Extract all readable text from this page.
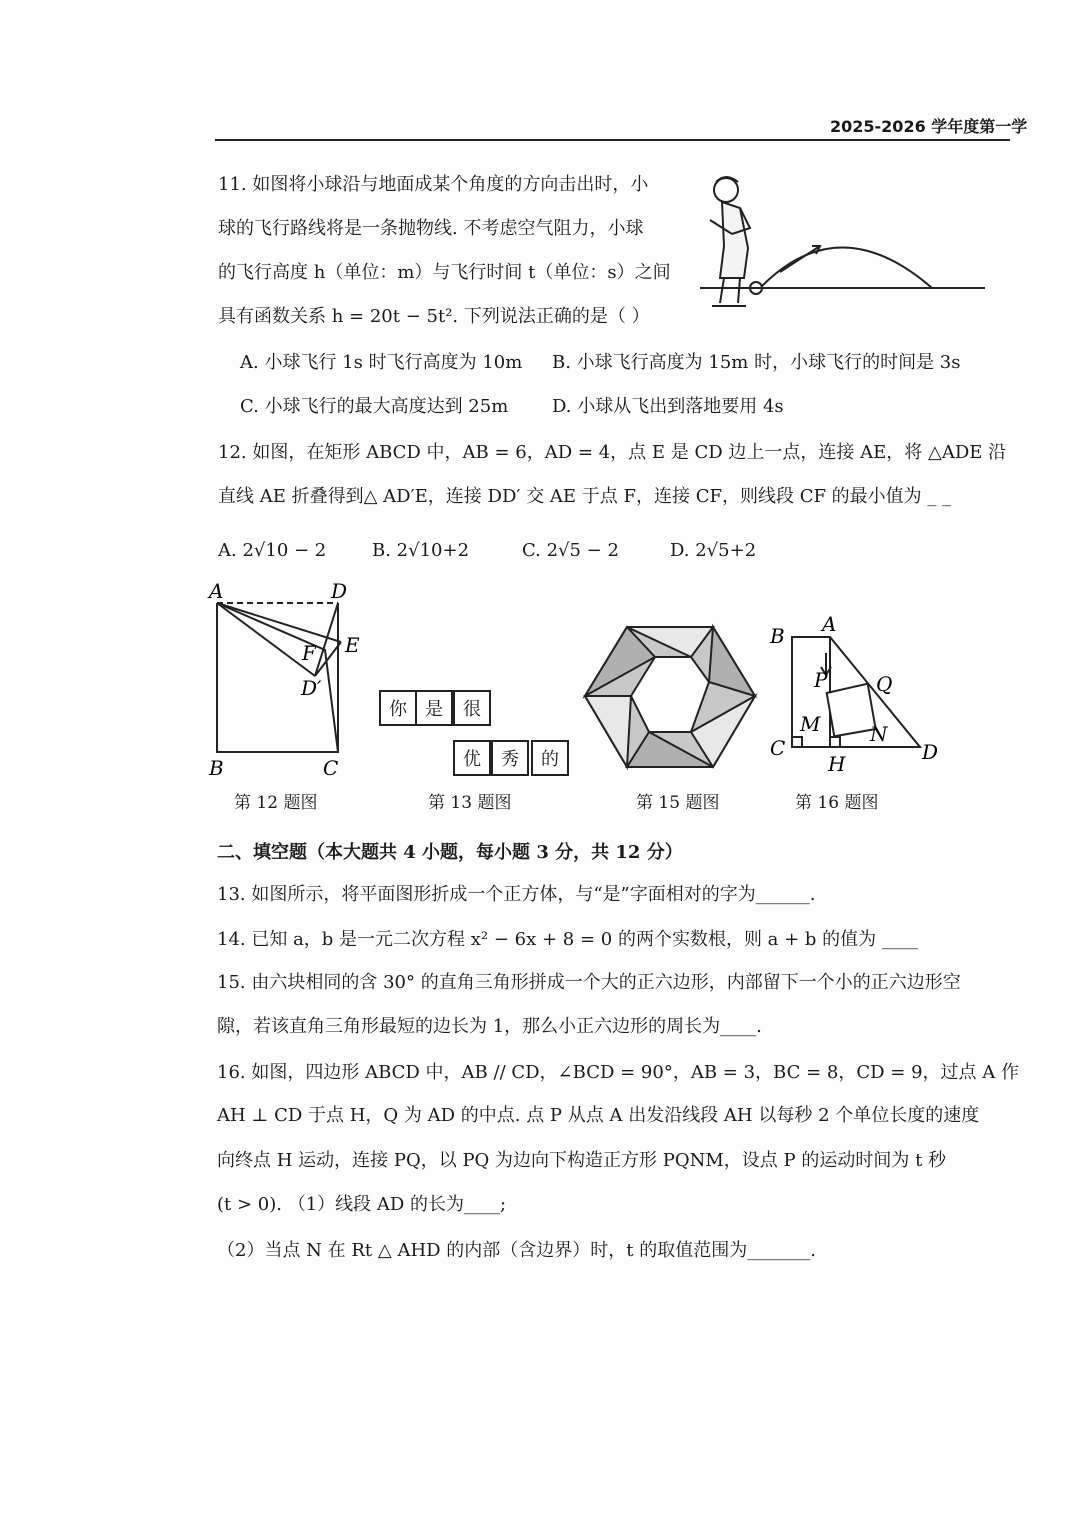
2025-2026 学年度第一学
11. 如图将小球沿与地面成某个角度的方向击出时，小
球的飞行路线将是一条抛物线. 不考虑空气阻力，小球
的飞行高度 h（单位：m）与飞行时间 t（单位：s）之间
具有函数关系 h = 20t − 5t². 下列说法正确的是（ ）
A. 小球飞行 1s 时飞行高度为 10m B. 小球飞行高度为 15m 时，小球飞行的时间是 3s
C. 小球飞行的最大高度达到 25m D. 小球从飞出到落地要用 4s
12. 如图，在矩形 ABCD 中，AB = 6，AD = 4，点 E 是 CD 边上一点，连接 AE，将 △ADE 沿
直线 AE 折叠得到△ AD′E，连接 DD′ 交 AE 于点 F，连接 CF，则线段 CF 的最小值为 _ _
A. 2√10 − 2	B. 2√10+2	C. 2√5 − 2	D. 2√5+2
A	D
E
F
D′
B	C
你	是	很
优	秀	的
B A
P Q
M N
C
H	D
第 12 题图	第 13 题图	第 15 题图	第 16 题图
二、填空题（本大题共 4 小题，每小题 3 分，共 12 分）
13. 如图所示，将平面图形折成一个正方体，与“是”字面相对的字为______.
14. 已知 a，b 是一元二次方程 x² − 6x + 8 = 0 的两个实数根，则 a + b 的值为 ____
15. 由六块相同的含 30° 的直角三角形拼成一个大的正六边形，内部留下一个小的正六边形空
隙，若该直角三角形最短的边长为 1，那么小正六边形的周长为____.
16. 如图，四边形 ABCD 中，AB // CD，∠BCD = 90°，AB = 3，BC = 8，CD = 9，过点 A 作
AH ⊥ CD 于点 H，Q 为 AD 的中点. 点 P 从点 A 出发沿线段 AH 以每秒 2 个单位长度的速度
向终点 H 运动，连接 PQ，以 PQ 为边向下构造正方形 PQNM，设点 P 的运动时间为 t 秒
(t > 0). （1）线段 AD 的长为____;
（2）当点 N 在 Rt △ AHD 的内部（含边界）时，t 的取值范围为_______.
